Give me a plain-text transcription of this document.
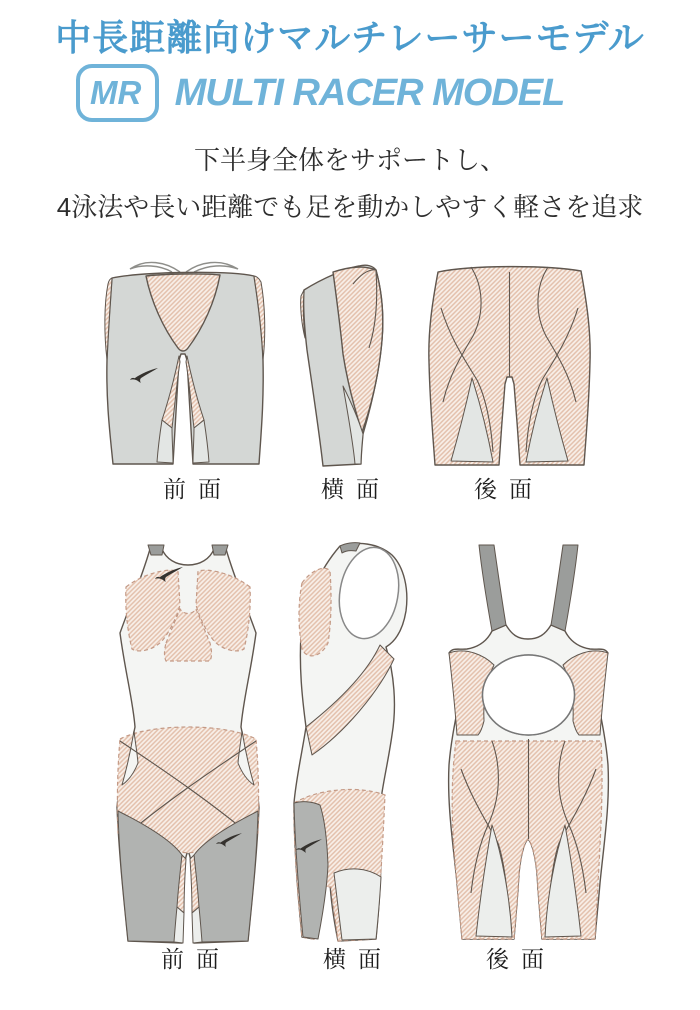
中長距離向けマルチレーサーモデル
MR MULTI RACER MODEL
下半身全体をサポートし、
4泳法や長い距離でも足を動かしやすく軽さを追求
前面	横面	後面
前面	横面	後面
